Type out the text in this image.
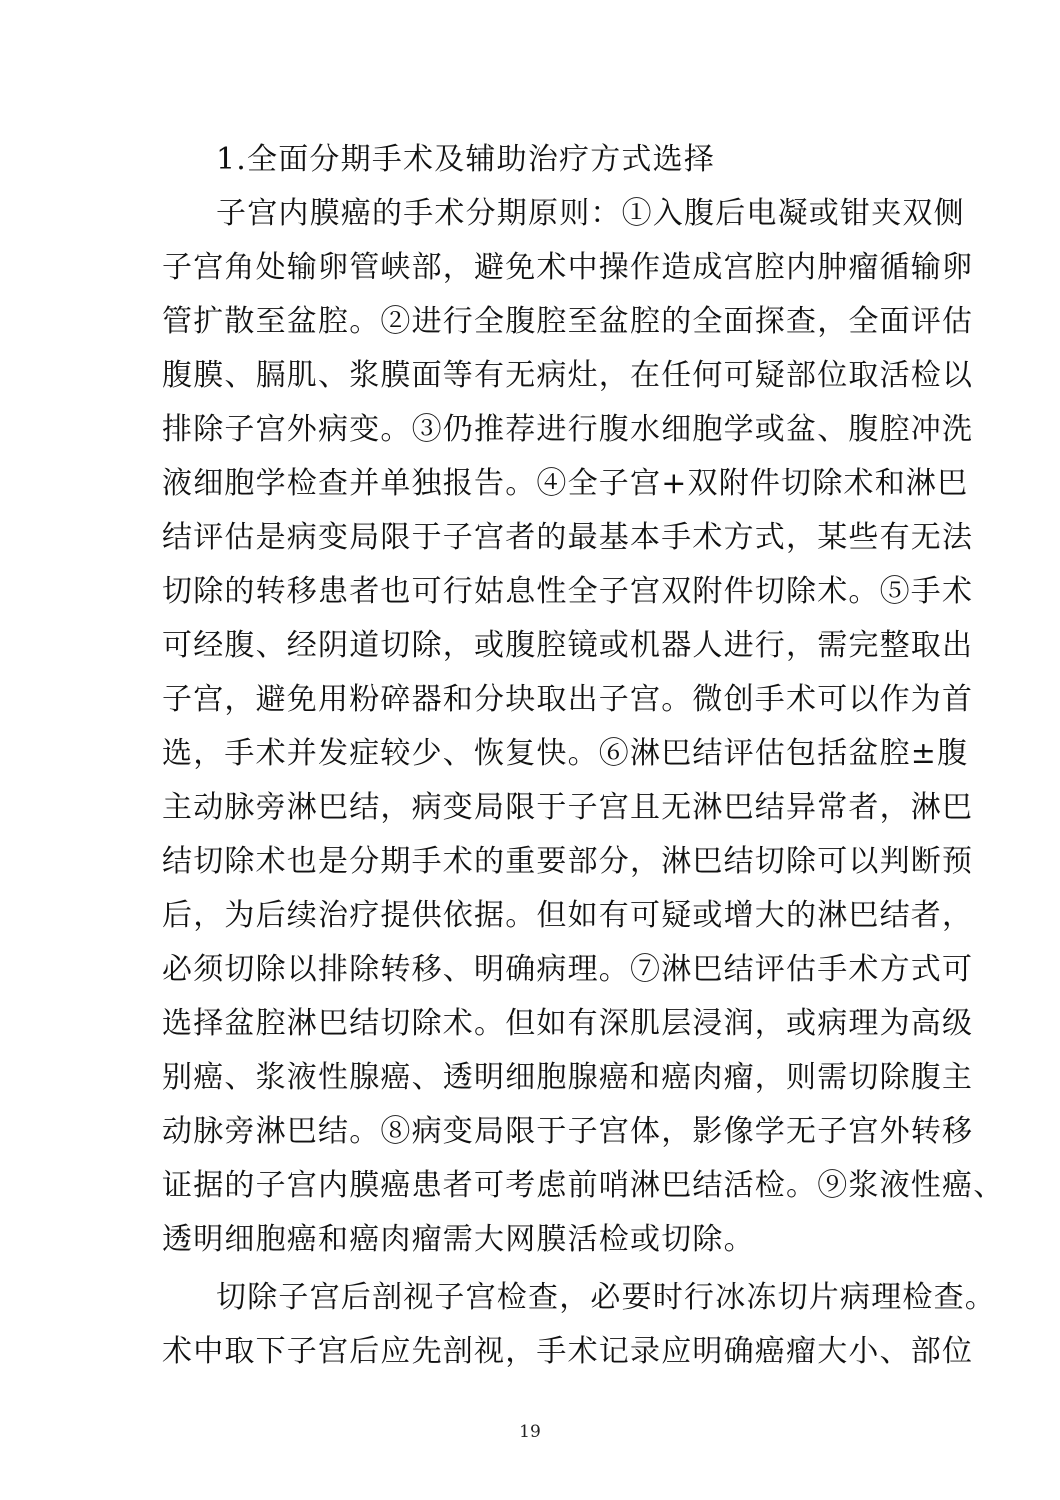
1.全面分期手术及辅助治疗方式选择
子宫内膜癌的手术分期原则：①入腹后电凝或钳夹双侧
子宫角处输卵管峡部，避免术中操作造成宫腔内肿瘤循输卵
管扩散至盆腔。②进行全腹腔至盆腔的全面探查，全面评估
腹膜、膈肌、浆膜面等有无病灶，在任何可疑部位取活检以
排除子宫外病变。③仍推荐进行腹水细胞学或盆、腹腔冲洗
液细胞学检查并单独报告。④全子宫+双附件切除术和淋巴
结评估是病变局限于子宫者的最基本手术方式，某些有无法
切除的转移患者也可行姑息性全子宫双附件切除术。⑤手术
可经腹、经阴道切除，或腹腔镜或机器人进行，需完整取出
子宫，避免用粉碎器和分块取出子宫。微创手术可以作为首
选，手术并发症较少、恢复快。⑥淋巴结评估包括盆腔±腹
主动脉旁淋巴结，病变局限于子宫且无淋巴结异常者，淋巴
结切除术也是分期手术的重要部分，淋巴结切除可以判断预
后，为后续治疗提供依据。但如有可疑或增大的淋巴结者，
必须切除以排除转移、明确病理。⑦淋巴结评估手术方式可
选择盆腔淋巴结切除术。但如有深肌层浸润，或病理为高级
别癌、浆液性腺癌、透明细胞腺癌和癌肉瘤，则需切除腹主
动脉旁淋巴结。⑧病变局限于子宫体，影像学无子宫外转移
证据的子宫内膜癌患者可考虑前哨淋巴结活检。⑨浆液性癌、
透明细胞癌和癌肉瘤需大网膜活检或切除。
切除子宫后剖视子宫检查，必要时行冰冻切片病理检查。
术中取下子宫后应先剖视，手术记录应明确癌瘤大小、部位
19
